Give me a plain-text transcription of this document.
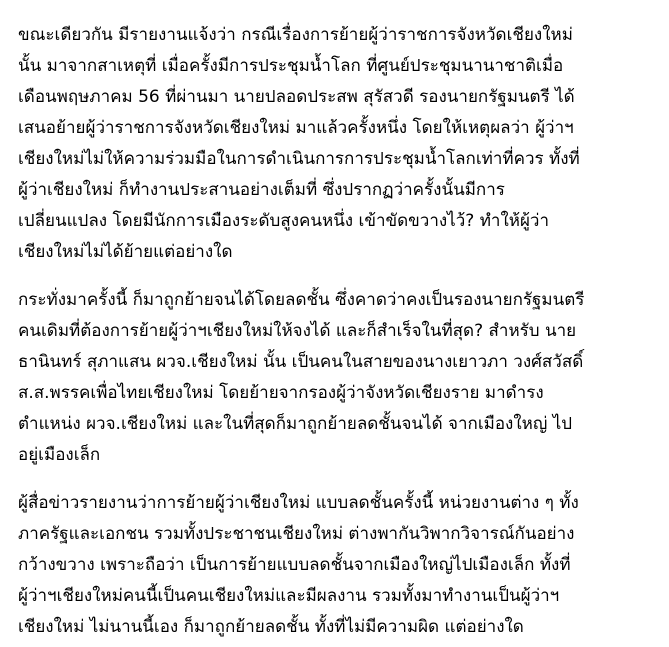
ขณะเดียวกัน มีรายงานแจ้งว่า กรณีเรื่องการย้ายผู้ว่าราชการจังหวัดเชียงใหม่
นั้น มาจากสาเหตุที่ เมื่อครั้งมีการประชุมน้ำโลก ที่ศูนย์ประชุมนานาชาติเมื่อ
เดือนพฤษภาคม 56 ที่ผ่านมา นายปลอดประสพ สุรัสวดี รองนายกรัฐมนตรี ได้
เสนอย้ายผู้ว่าราชการจังหวัดเชียงใหม่ มาแล้วครั้งหนึ่ง โดยให้เหตุผลว่า ผู้ว่าฯ
เชียงใหม่ไม่ให้ความร่วมมือในการดำเนินการการประชุมน้ำโลกเท่าที่ควร ทั้งที่
ผู้ว่าเชียงใหม่ ก็ทำงานประสานอย่างเต็มที่ ซึ่งปรากฏว่าครั้งนั้นมีการ
เปลี่ยนแปลง โดยมีนักการเมืองระดับสูงคนหนึ่ง เข้าขัดขวางไว้? ทำให้ผู้ว่า
เชียงใหม่ไม่ได้ย้ายแต่อย่างใด

กระทั่งมาครั้งนี้ ก็มาถูกย้ายจนได้โดยลดชั้น ซึ่งคาดว่าคงเป็นรองนายกรัฐมนตรี
คนเดิมที่ต้องการย้ายผู้ว่าฯเชียงใหม่ให้จงได้ และก็สำเร็จในที่สุด? สำหรับ นาย
ธานินทร์ สุภาแสน ผวจ.เชียงใหม่ นั้น เป็นคนในสายของนางเยาวภา วงศ์สวัสดิ์
ส.ส.พรรคเพื่อไทยเชียงใหม่ โดยย้ายจากรองผู้ว่าจังหวัดเชียงราย มาดำรง
ตำแหน่ง ผวจ.เชียงใหม่ และในที่สุดก็มาถูกย้ายลดชั้นจนได้ จากเมืองใหญ่ ไป
อยู่เมืองเล็ก

ผู้สื่อข่าวรายงานว่าการย้ายผู้ว่าเชียงใหม่ แบบลดชั้นครั้งนี้ หน่วยงานต่าง ๆ ทั้ง
ภาครัฐและเอกชน รวมทั้งประชาชนเชียงใหม่ ต่างพากันวิพากวิจารณ์กันอย่าง
กว้างขวาง เพราะถือว่า เป็นการย้ายแบบลดชั้นจากเมืองใหญ่ไปเมืองเล็ก ทั้งที่
ผู้ว่าฯเชียงใหม่คนนี้เป็นคนเชียงใหม่และมีผลงาน รวมทั้งมาทำงานเป็นผู้ว่าฯ
เชียงใหม่ ไม่นานนี้เอง ก็มาถูกย้ายลดชั้น ทั้งที่ไม่มีความผิด แต่อย่างใด
